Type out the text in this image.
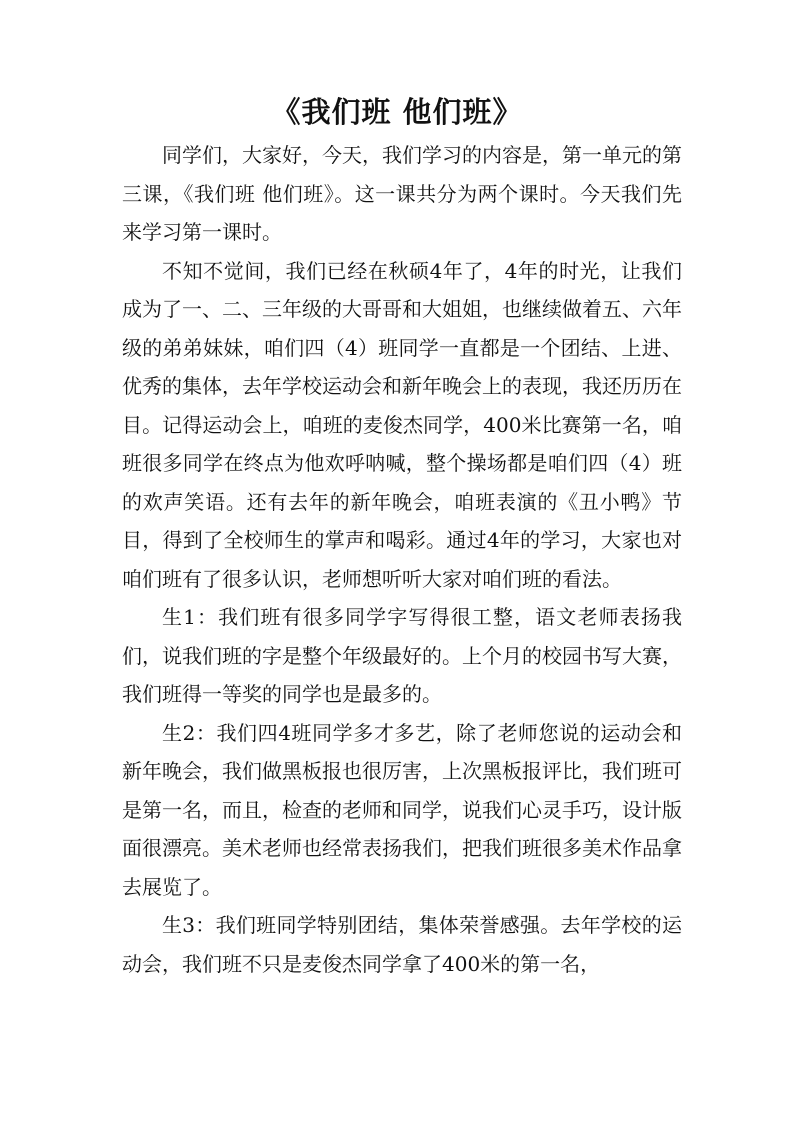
《我们班 他们班》

同学们，大家好，今天，我们学习的内容是，第一单元的第三课，《我们班 他们班》。这一课共分为两个课时。今天我们先来学习第一课时。

不知不觉间，我们已经在秋硕4年了，4年的时光，让我们成为了一、二、三年级的大哥哥和大姐姐，也继续做着五、六年级的弟弟妹妹，咱们四（4）班同学一直都是一个团结、上进、优秀的集体，去年学校运动会和新年晚会上的表现，我还历历在目。记得运动会上，咱班的麦俊杰同学，400米比赛第一名，咱班很多同学在终点为他欢呼呐喊，整个操场都是咱们四（4）班的欢声笑语。还有去年的新年晚会，咱班表演的《丑小鸭》节目，得到了全校师生的掌声和喝彩。通过4年的学习，大家也对咱们班有了很多认识，老师想听听大家对咱们班的看法。

生1：我们班有很多同学字写得很工整，语文老师表扬我们，说我们班的字是整个年级最好的。上个月的校园书写大赛，我们班得一等奖的同学也是最多的。

生2：我们四4班同学多才多艺，除了老师您说的运动会和新年晚会，我们做黑板报也很厉害，上次黑板报评比，我们班可是第一名，而且，检查的老师和同学，说我们心灵手巧，设计版面很漂亮。美术老师也经常表扬我们，把我们班很多美术作品拿去展览了。

生3：我们班同学特别团结，集体荣誉感强。去年学校的运动会，我们班不只是麦俊杰同学拿了400米的第一名，
